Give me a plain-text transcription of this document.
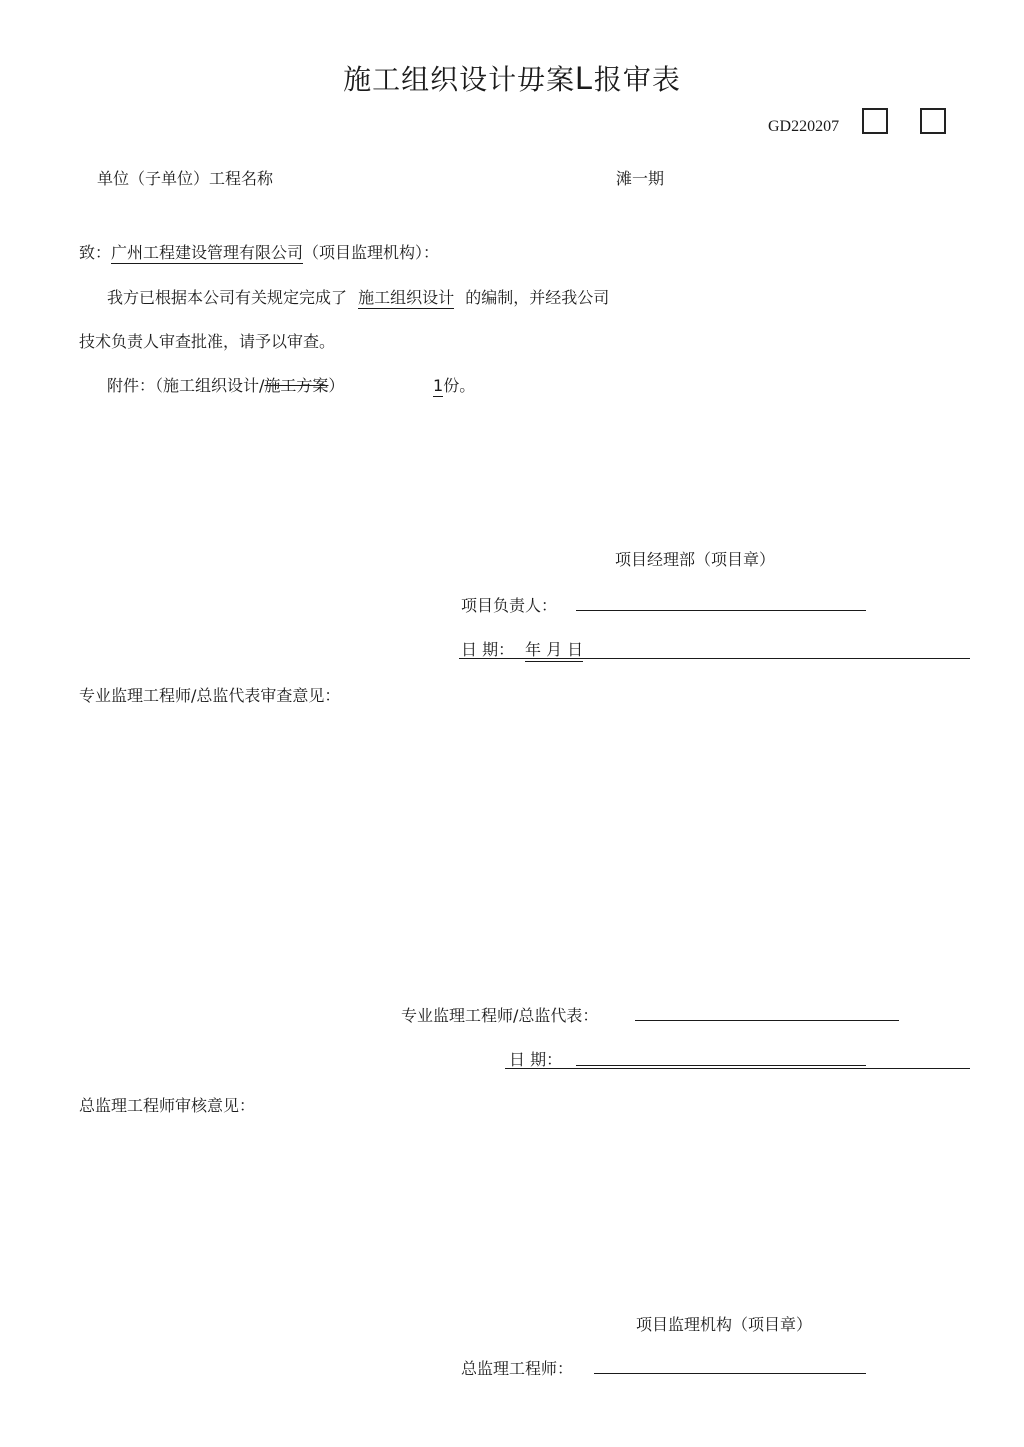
施工组织设计毋案L报审表
GD220207
单位（子单位）工程名称	滩一期
致：广州工程建设管理有限公司（项目监理机构）：
我方已根据本公司有关规定完成了 施工组织设计 的编制，并经我公司
技术负责人审查批准，请予以审查。
附件：（施工组织设计/施工方案）	1份。
项目经理部（项目章）
项目负责人：
日 期： 年 月 日
专业监理工程师/总监代表审查意见：
专业监理工程师/总监代表：
日 期：
总监理工程师审核意见：
项目监理机构（项目章）
总监理工程师：
